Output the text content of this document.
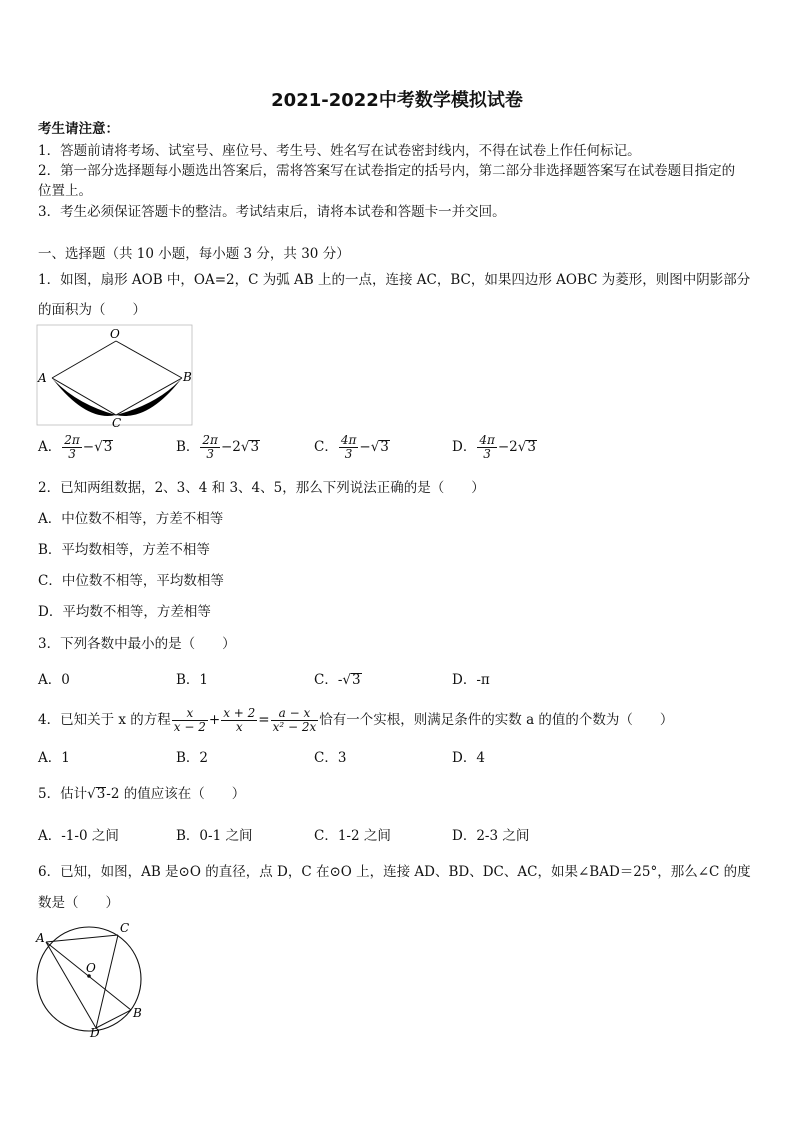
2021-2022中考数学模拟试卷
考生请注意：
1．答题前请将考场、试室号、座位号、考生号、姓名写在试卷密封线内，不得在试卷上作任何标记。
2．第一部分选择题每小题选出答案后，需将答案写在试卷指定的括号内，第二部分非选择题答案写在试卷题目指定的
位置上。
3．考生必须保证答题卡的整洁。考试结束后，请将本试卷和答题卡一并交回。
一、选择题（共 10 小题，每小题 3 分，共 30 分）
1．如图，扇形 AOB 中，OA=2，C 为弧 AB 上的一点，连接 AC，BC，如果四边形 AOBC 为菱形，则图中阴影部分
的面积为（　　）
O
A	B
C
A． $\frac{2\pi}{3} -√3$	B． $\frac{2\pi}{3} -2√3$	C． $\frac{4\pi}{3} -√3$	D． $\frac{4\pi}{3} -2√3$
2．已知两组数据，2、3、4 和 3、4、5，那么下列说法正确的是（　　）
A．中位数不相等，方差不相等
B．平均数相等，方差不相等
C．中位数不相等，平均数相等
D．平均数不相等，方差相等
3．下列各数中最小的是（　　）
A．0	B．1	C．-√3	D．-π
4．已知关于 x 的方程 $\frac{x}{x - 2} + \frac{x + 2}{x} = \frac{a - x}{\text{x² − 2x}}$ 恰有一个实根，则满足条件的实数 a 的值的个数为（　　）
A．1	B．2	C．3	D．4
5．估计√3-2 的值应该在（　　）
A．-1-0 之间	B．0-1 之间	C．1-2 之间	D．2-3 之间
6．已知，如图，AB 是⊙O 的直径，点 D，C 在⊙O 上，连接 AD、BD、DC、AC，如果∠BAD＝25°，那么∠C 的度
数是（　　）
A
C
O
B
D
